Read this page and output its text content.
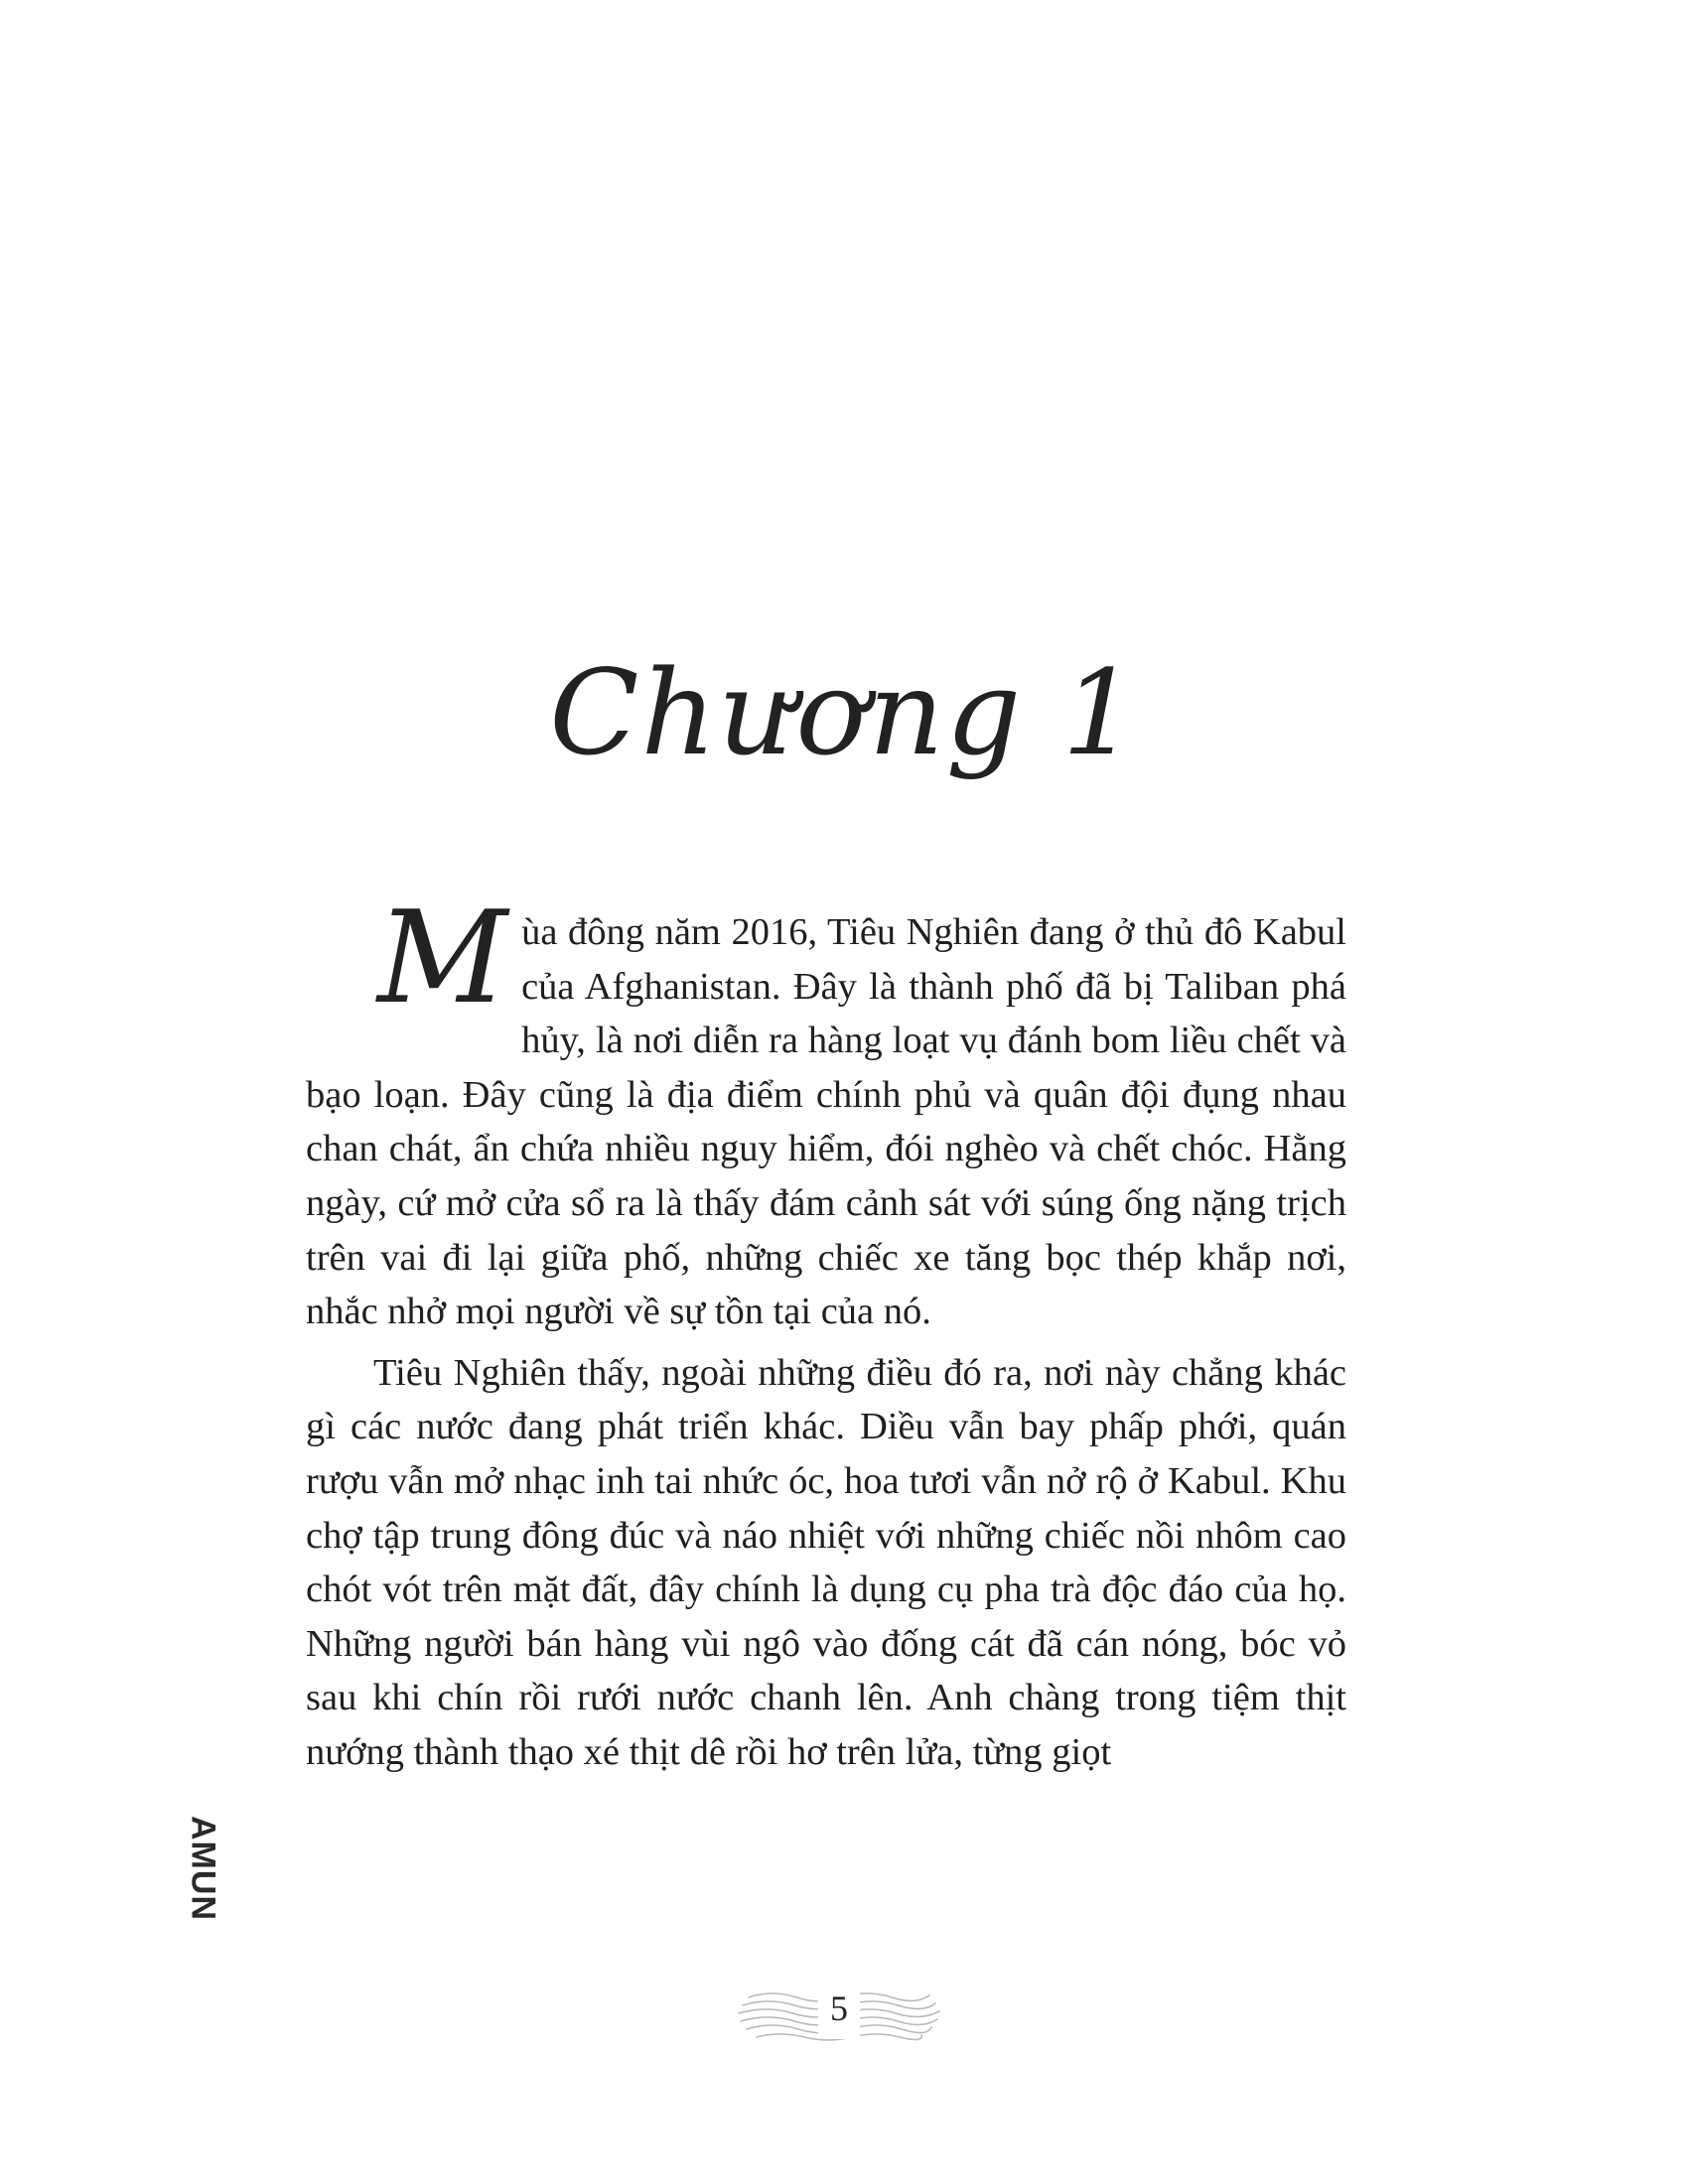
Chương 1

Mùa đông năm 2016, Tiêu Nghiên đang ở thủ đô Kabul của Afghanistan. Đây là thành phố đã bị Taliban phá hủy, là nơi diễn ra hàng loạt vụ đánh bom liều chết và bạo loạn. Đây cũng là địa điểm chính phủ và quân đội đụng nhau chan chát, ẩn chứa nhiều nguy hiểm, đói nghèo và chết chóc. Hằng ngày, cứ mở cửa sổ ra là thấy đám cảnh sát với súng ống nặng trịch trên vai đi lại giữa phố, những chiếc xe tăng bọc thép khắp nơi, nhắc nhở mọi người về sự tồn tại của nó.

Tiêu Nghiên thấy, ngoài những điều đó ra, nơi này chẳng khác gì các nước đang phát triển khác. Diều vẫn bay phấp phới, quán rượu vẫn mở nhạc inh tai nhức óc, hoa tươi vẫn nở rộ ở Kabul. Khu chợ tập trung đông đúc và náo nhiệt với những chiếc nồi nhôm cao chót vót trên mặt đất, đây chính là dụng cụ pha trà độc đáo của họ. Những người bán hàng vùi ngô vào đống cát đã cán nóng, bóc vỏ sau khi chín rồi rưới nước chanh lên. Anh chàng trong tiệm thịt nướng thành thạo xé thịt dê rồi hơ trên lửa, từng giọt

AMUN
5
